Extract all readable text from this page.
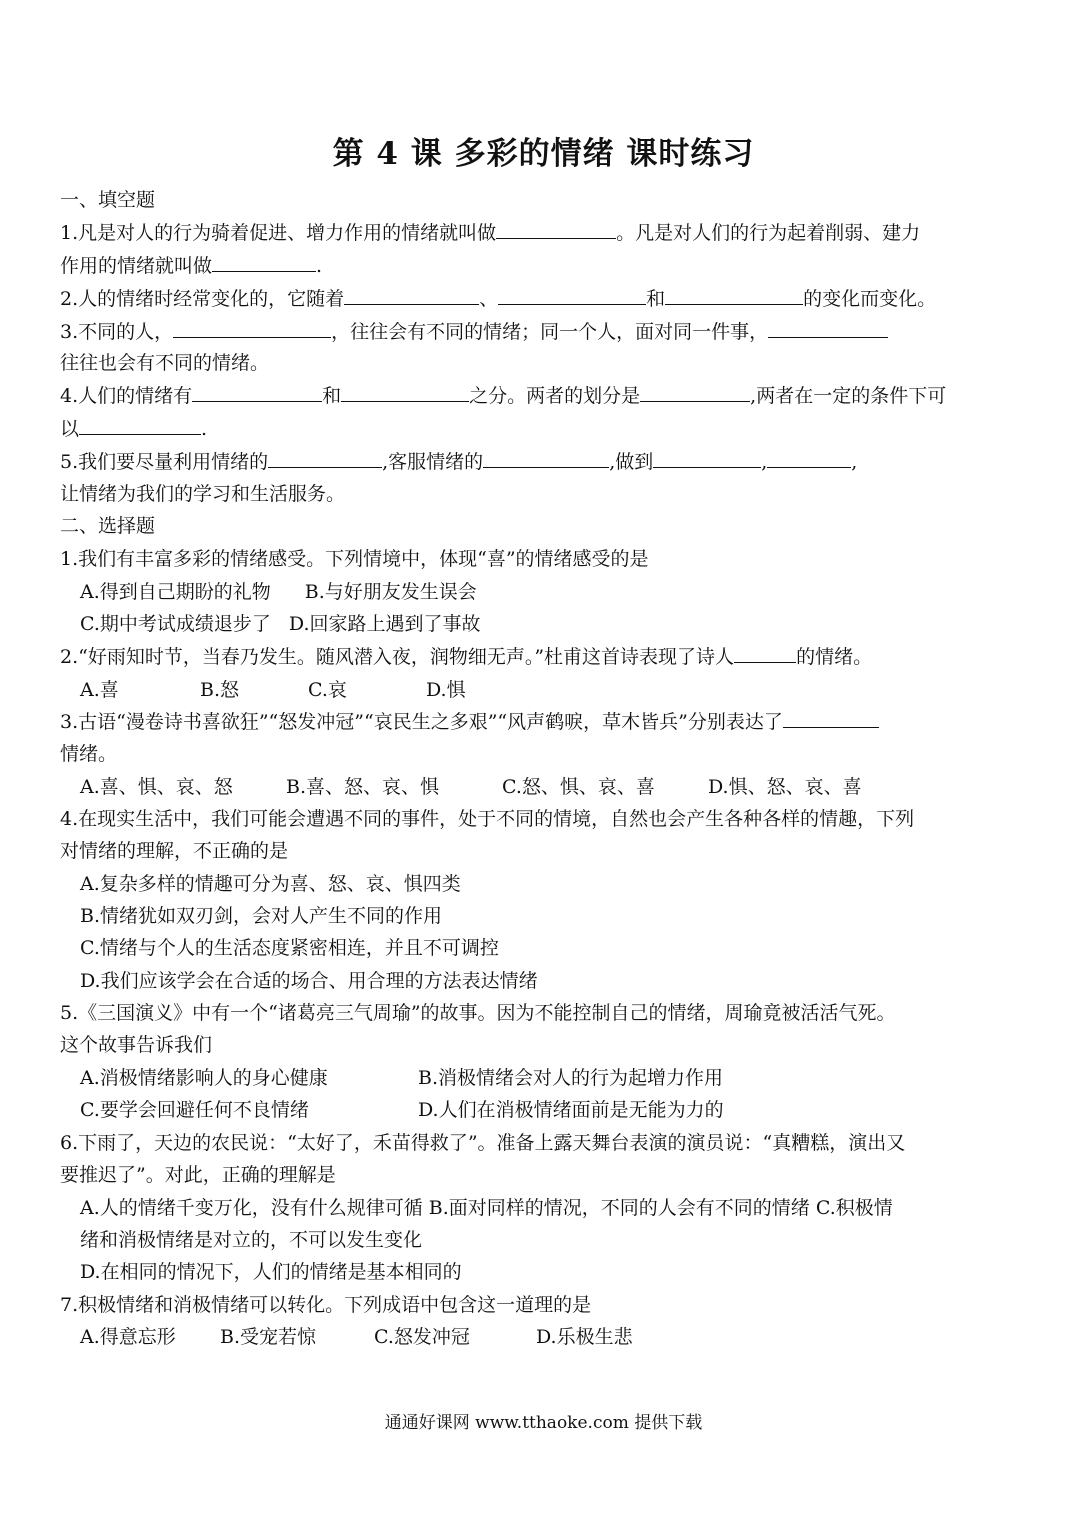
第 4 课 多彩的情绪 课时练习
一、填空题
1.凡是对人的行为骑着促进、增力作用的情绪就叫做	。凡是对人们的行为起着削弱、建力
作用的情绪就叫做	.
2.人的情绪时经常变化的，它随着	、	和	的变化而变化。
3.不同的人，	，往往会有不同的情绪；同一个人，面对同一件事，
往往也会有不同的情绪。
4.人们的情绪有	和	之分。两者的划分是	,两者在一定的条件下可
以	.
5.我们要尽量利用情绪的	,客服情绪的	,做到	,	,
让情绪为我们的学习和生活服务。
二、选择题
1.我们有丰富多彩的情绪感受。下列情境中，体现“喜”的情绪感受的是
A.得到自己期盼的礼物 B.与好朋友发生误会
C.期中考试成绩退步了 D.回家路上遇到了事故
2.“好雨知时节，当春乃发生。随风潜入夜，润物细无声。”杜甫这首诗表现了诗人	的情绪。
A.喜	B.怒	C.哀	D.惧
3.古语“漫卷诗书喜欲狂”“怒发冲冠”“哀民生之多艰”“风声鹤唳，草木皆兵”分别表达了
情绪。
A.喜、惧、哀、怒	B.喜、怒、哀、惧	C.怒、惧、哀、喜	D.惧、怒、哀、喜
4.在现实生活中，我们可能会遭遇不同的事件，处于不同的情境，自然也会产生各种各样的情趣，下列
对情绪的理解，不正确的是
A.复杂多样的情趣可分为喜、怒、哀、惧四类
B.情绪犹如双刃剑，会对人产生不同的作用
C.情绪与个人的生活态度紧密相连，并且不可调控
D.我们应该学会在合适的场合、用合理的方法表达情绪
5.《三国演义》中有一个“诸葛亮三气周瑜”的故事。因为不能控制自己的情绪，周瑜竟被活活气死。
这个故事告诉我们
A.消极情绪影响人的身心健康	B.消极情绪会对人的行为起增力作用
C.要学会回避任何不良情绪	D.人们在消极情绪面前是无能为力的
6.下雨了，天边的农民说：“太好了，禾苗得救了”。准备上露天舞台表演的演员说：“真糟糕，演出又
要推迟了”。对此，正确的理解是
A.人的情绪千变万化，没有什么规律可循 B.面对同样的情况，不同的人会有不同的情绪 C.积极情
绪和消极情绪是对立的，不可以发生变化
D.在相同的情况下，人们的情绪是基本相同的
7.积极情绪和消极情绪可以转化。下列成语中包含这一道理的是
A.得意忘形 B.受宠若惊	C.怒发冲冠	D.乐极生悲
通通好课网 www.tthaoke.com 提供下载
